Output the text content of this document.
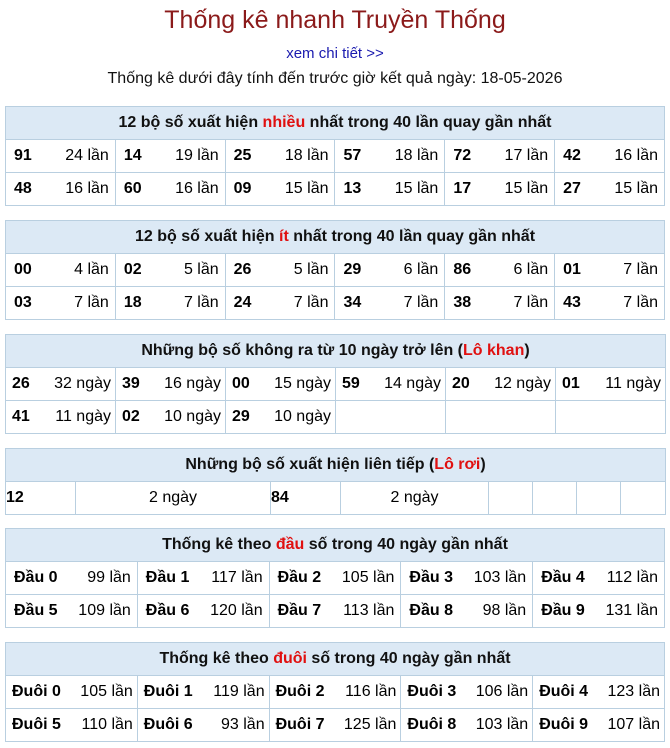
Thống kê nhanh Truyền Thống
xem chi tiết >>
Thống kê dưới đây tính đến trước giờ kết quả ngày: 18-05-2026
12 bộ số xuất hiện nhiều nhất trong 40 lần quay gần nhất					

91 24 lần	14 19 lần	25 18 lần	57 18 lần	72 17 lần	42 16 lần

48 16 lần	60 16 lần	09 15 lần	13 15 lần	17 15 lần	27 15 lần
12 bộ số xuất hiện ít nhất trong 40 lần quay gần nhất					

00 4 lần	02 5 lần	26 5 lần	29 6 lần	86 6 lần	01 7 lần

03 7 lần	18 7 lần	24 7 lần	34 7 lần	38 7 lần	43 7 lần
Những bộ số không ra từ 10 ngày trở lên (Lô khan)					

26 32 ngày	39 16 ngày	00 15 ngày	59 14 ngày	20 12 ngày	01 11 ngày

41 11 ngày	02 10 ngày	29 10 ngày			

Những bộ số xuất hiện liên tiếp (Lô rơi)
12	2 ngày	84	2 ngày				
Thống kê theo đầu số trong 40 ngày gần nhất				

Đầu 0 99 lần	Đầu 1 117 lần	Đầu 2 105 lần	Đầu 3 103 lần	Đầu 4 112 lần

Đầu 5 109 lần	Đầu 6 120 lần	Đầu 7 113 lần	Đầu 8 98 lần	Đầu 9 131 lần
Thống kê theo đuôi số trong 40 ngày gần nhất				

Đuôi 0 105 lần	Đuôi 1 119 lần	Đuôi 2 116 lần	Đuôi 3 106 lần	Đuôi 4 123 lần

Đuôi 5 110 lần	Đuôi 6 93 lần	Đuôi 7 125 lần	Đuôi 8 103 lần	Đuôi 9 107 lần
